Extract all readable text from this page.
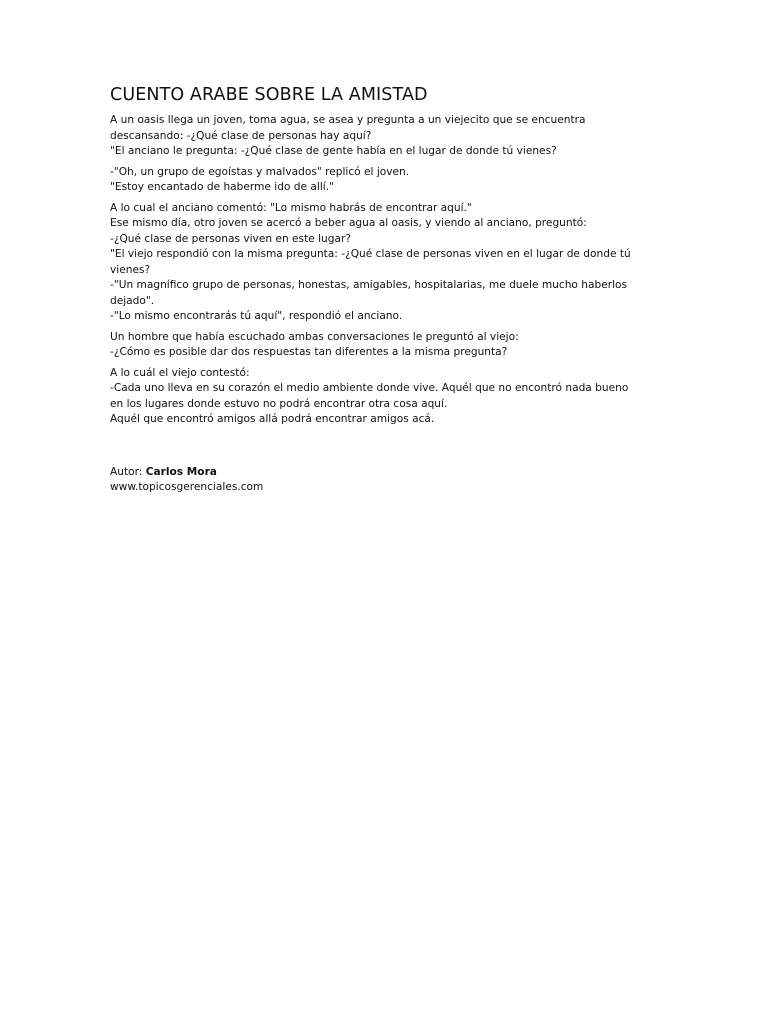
CUENTO ARABE SOBRE LA AMISTAD
A un oasis llega un joven, toma agua, se asea y pregunta a un viejecito que se encuentra
descansando: -¿Qué clase de personas hay aquí?
"El anciano le pregunta: -¿Qué clase de gente había en el lugar de donde tú vienes?
-"Oh, un grupo de egoístas y malvados" replicó el joven.
"Estoy encantado de haberme ido de allí."
A lo cual el anciano comentó: "Lo mismo habrás de encontrar aquí."
Ese mismo día, otro joven se acercó a beber agua al oasis, y viendo al anciano, preguntó:
-¿Qué clase de personas viven en este lugar?
"El viejo respondió con la misma pregunta: -¿Qué clase de personas viven en el lugar de donde tú
vienes?
-"Un magnífico grupo de personas, honestas, amigables, hospitalarias, me duele mucho haberlos
dejado".
-"Lo mismo encontrarás tú aquí", respondió el anciano.
Un hombre que había escuchado ambas conversaciones le preguntó al viejo:
-¿Cómo es posible dar dos respuestas tan diferentes a la misma pregunta?
A lo cuál el viejo contestó:
-Cada uno lleva en su corazón el medio ambiente donde vive. Aquél que no encontró nada bueno
en los lugares donde estuvo no podrá encontrar otra cosa aquí.
Aquél que encontró amigos allá podrá encontrar amigos acá.
Autor: Carlos Mora
www.topicosgerenciales.com
